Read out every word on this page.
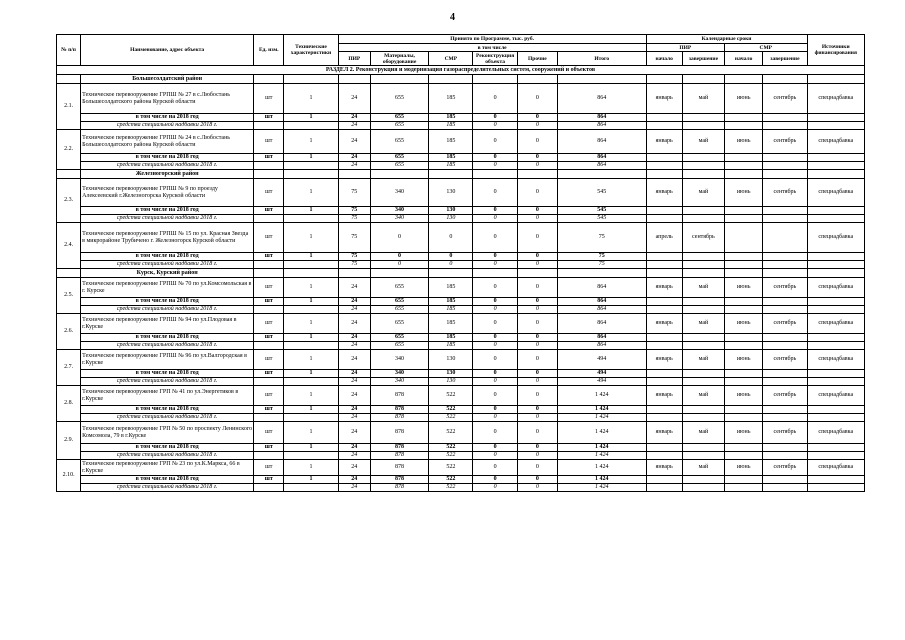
4
№ п/п	Наименование, адрес объекта	Ед. изм.	Технические характеристики	Принято по Программе, тыс. руб.						Календарные сроки				Источники финансирования
				в том числе						ПИР		СМР		
				ПИР	Материалы, оборудование	СМР	Реконструкция объекта	Прочие	Итого	начало	завершение	начало	завершение	
РАЗДЕЛ 2. Реконструкция и модернизация газораспределительных систем, сооружений и объектов														
	Большесолдатский район													
2.1.	Техническое перевооружение ГРПШ № 27 в с.Любостань Большесолдатского района Курской области	шт	1	24	655	185	0	0	864	январь	май	июнь	сентябрь	спецнадбавка
	в том числе на 2018 год	шт	1	24	655	185	0	0	864					
	средства специальной надбавки 2018 г.			24	655	185	0	0	864					
2.2.	Техническое перевооружение ГРПШ № 24 в с.Любостань Большесолдатского района Курской области	шт	1	24	655	185	0	0	864	январь	май	июнь	сентябрь	спецнадбавка
	в том числе на 2018 год	шт	1	24	655	185	0	0	864					
	средства специальной надбавки 2018 г.			24	655	185	0	0	864					
	Железногорский район													
2.3.	Техническое перевооружение ГРПШ № 9 по проезду Алексеевский г.Железногорска Курской области	шт	1	75	340	130	0	0	545	январь	май	июнь	сентябрь	спецнадбавка
	в том числе на 2018 год	шт	1	75	340	130	0	0	545					
	средства специальной надбавки 2018 г.			75	340	130	0	0	545					
2.4.	Техническое перевооружение ГРПШ № 15 по ул. Красная Звезда в микрорайоне Трубичено г. Железногорск Курской области	шт	1	75	0	0	0	0	75	апрель	сентябрь			спецнадбавка
	в том числе на 2018 год	шт	1	75	0	0	0	0	75					
	средства специальной надбавки 2018 г.			75	0	0	0	0	75					
	Курск, Курский район													
2.5.	Техническое перевооружение ГРПШ № 70 по ул.Комсомольская в г. Курске	шт	1	24	655	185	0	0	864	январь	май	июнь	сентябрь	спецнадбавка
	в том числе на 2018 год	шт	1	24	655	185	0	0	864					
	средства специальной надбавки 2018 г.			24	655	185	0	0	864					
2.6.	Техническое перевооружение ГРПШ № 94 по ул.Плодовая в г.Курске	шт	1	24	655	185	0	0	864	январь	май	июнь	сентябрь	спецнадбавка
	в том числе на 2018 год	шт	1	24	655	185	0	0	864					
	средства специальной надбавки 2018 г.			24	655	185	0	0	864					
2.7.	Техническое перевооружение ГРПШ № 96 по ул.Валгородская в г.Курске	шт	1	24	340	130	0	0	494	январь	май	июнь	сентябрь	спецнадбавка
	в том числе на 2018 год	шт	1	24	340	130	0	0	494					
	средства специальной надбавки 2018 г.			24	340	130	0	0	494					
2.8.	Техническое перевооружение ГРП № 41 по ул.Энергетиков в г.Курске	шт	1	24	878	522	0	0	1 424	январь	май	июнь	сентябрь	спецнадбавка
	в том числе на 2018 год	шт	1	24	878	522	0	0	1 424					
	средства специальной надбавки 2018 г.			24	878	522	0	0	1 424					
2.9.	Техническое перевооружение ГРП № 50 по проспекту Ленинского Комсомола, 79 в г.Курске	шт	1	24	878	522	0	0	1 424	январь	май	июнь	сентябрь	спецнадбавка
	в том числе на 2018 год	шт	1	24	878	522	0	0	1 424					
	средства специальной надбавки 2018 г.			24	878	522	0	0	1 424					
2.10.	Техническое перевооружение ГРП № 23 по ул.К.Маркса, 66 в г.Курске	шт	1	24	878	522	0	0	1 424	январь	май	июнь	сентябрь	спецнадбавка
	в том числе на 2018 год	шт	1	24	878	522	0	0	1 424					
	средства специальной надбавки 2018 г.			24	878	522	0	0	1 424					
